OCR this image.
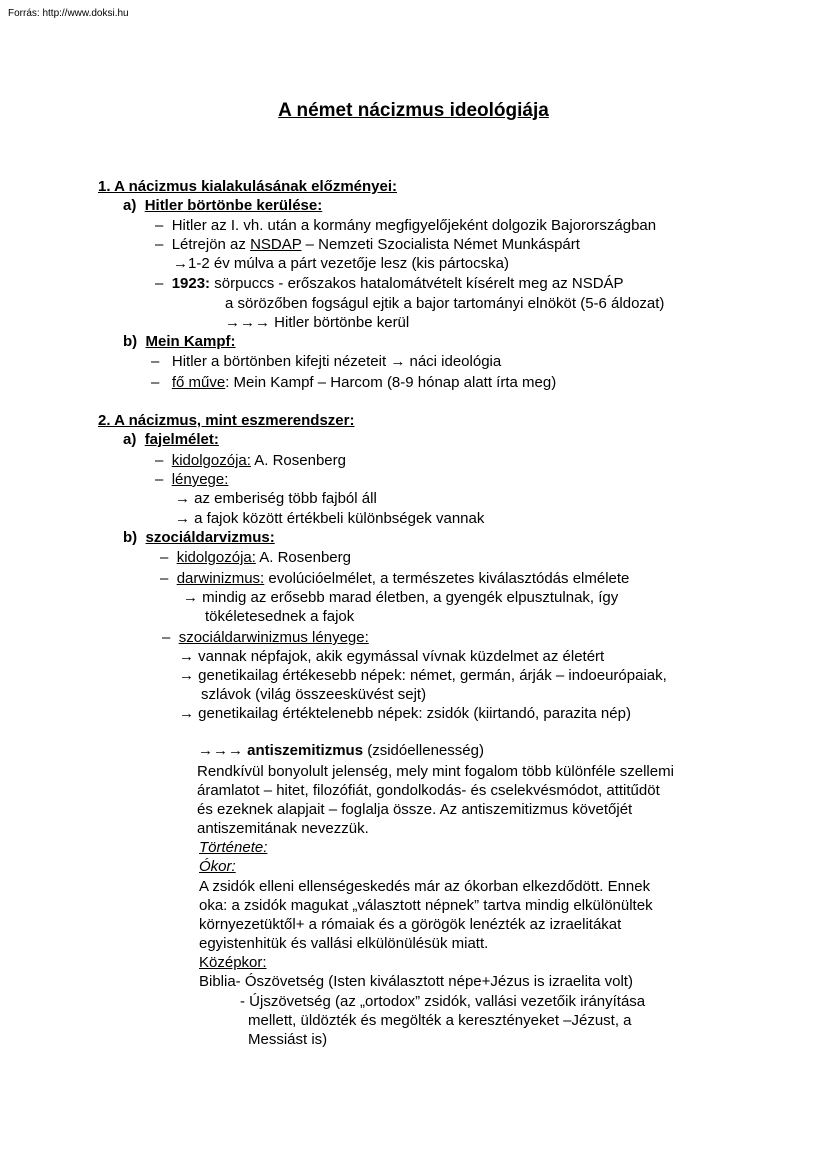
Forrás: http://www.doksi.hu
A német nácizmus ideológiája
1. A nácizmus kialakulásának előzményei:
a) Hitler börtönbe kerülése:
–  Hitler az I. vh. után a kormány megfigyelőjeként dolgozik Bajorországban
–  Létrejön az NSDAP – Nemzeti Szocialista Német Munkáspárt
→1-2 év múlva a párt vezetője lesz (kis pártocska)
–  1923: sörpuccs - erőszakos hatalomátvételt kísérelt meg az NSDÁP
a sörözőben fogságul ejtik a bajor tartományi elnököt (5-6 áldozat)
→→→ Hitler börtönbe kerül
b) Mein Kampf:
–   Hitler a börtönben kifejti nézeteit → náci ideológia
–   fő műve: Mein Kampf – Harcom (8-9 hónap alatt írta meg)
2. A nácizmus, mint eszmerendszer:
a) fajelmélet:
–  kidolgozója: A. Rosenberg
–  lényege:
→ az emberiség több fajból áll
→ a fajok között értékbeli különbségek vannak
b) szociáldarvizmus:
–  kidolgozója: A. Rosenberg
–  darwinizmus: evolúcióelmélet, a természetes kiválasztódás elmélete
→ mindig az erősebb marad életben, a gyengék elpusztulnak, így
tökéletesednek a fajok
–  szociáldarwinizmus lényege:
→ vannak népfajok, akik egymással vívnak küzdelmet az életért
→ genetikailag értékesebb népek: német, germán, árják – indoeurópaiak,
szlávok (világ összeesküvést sejt)
→ genetikailag értéktelenebb népek: zsidók (kiirtandó, parazita nép)
→→→ antiszemitizmus (zsidóellenesség)
Rendkívül bonyolult jelenség, mely mint fogalom több különféle szellemi
áramlatot – hitet, filozófiát, gondolkodás- és cselekvésmódot, attitűdöt
és ezeknek alapjait – foglalja össze. Az antiszemitizmus követőjét
antiszemitának nevezzük.
Története:
Ókor:
A zsidók elleni ellenségeskedés már az ókorban elkezdődött. Ennek
oka: a zsidók magukat „választott népnek” tartva mindig elkülönültek
környezetüktől+ a rómaiak és a görögök lenézték az izraelitákat
egyistenhitük és vallási elkülönülésük miatt.
Középkor:
Biblia- Ószövetség (Isten kiválasztott népe+Jézus is izraelita volt)
- Újszövetség (az „ortodox” zsidók, vallási vezetőik irányítása
mellett, üldözték és megölték a keresztényeket –Jézust, a
Messiást is)
